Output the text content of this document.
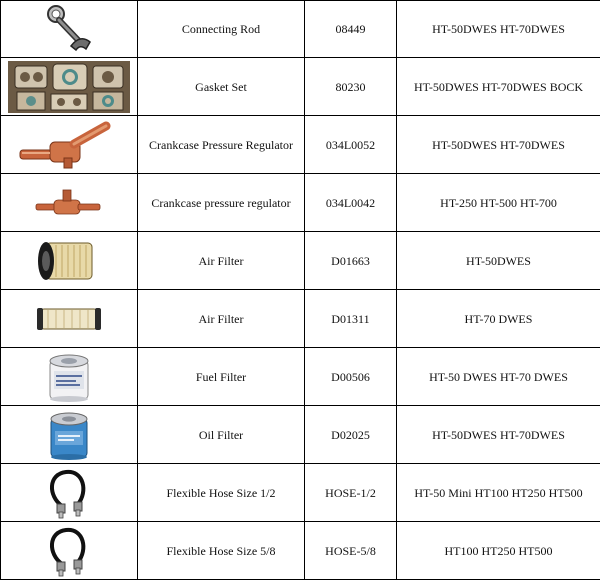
	Connecting Rod	08449	HT-50DWES HT-70DWES

	Gasket Set	80230	HT-50DWES HT-70DWES BOCK

	Crankcase Pressure Regulator	034L0052	HT-50DWES HT-70DWES

	Crankcase pressure regulator	034L0042	HT-250 HT-500 HT-700

	Air Filter	D01663	HT-50DWES

	Air Filter	D01311	HT-70 DWES

	Fuel Filter	D00506	HT-50 DWES HT-70 DWES

	Oil Filter	D02025	HT-50DWES HT-70DWES

	Flexible Hose Size 1/2	HOSE-1/2	HT-50 Mini HT100 HT250 HT500

	Flexible Hose Size 5/8	HOSE-5/8	HT100 HT250 HT500
